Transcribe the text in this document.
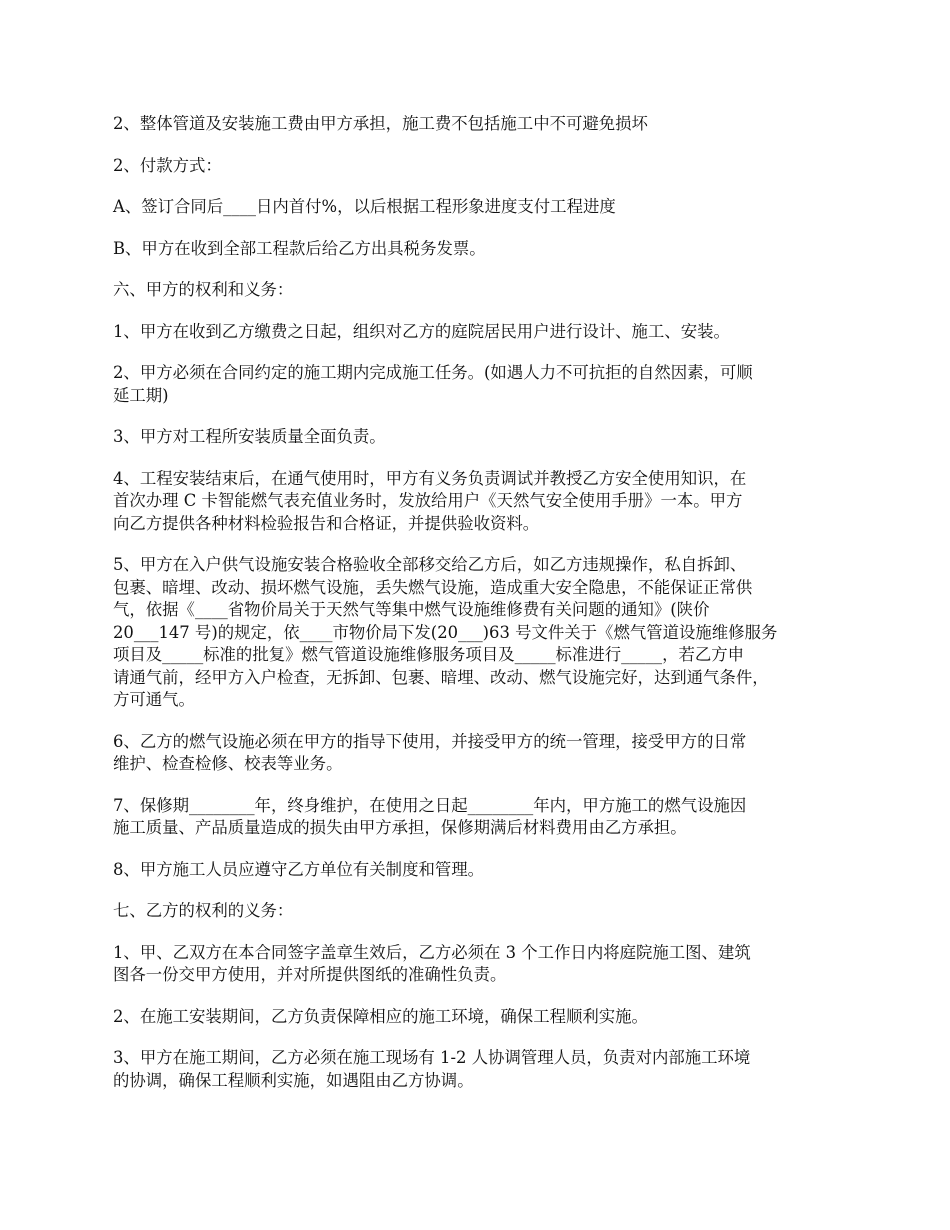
2、整体管道及安装施工费由甲方承担，施工费不包括施工中不可避免损坏

2、付款方式：

A、签订合同后____日内首付%，以后根据工程形象进度支付工程进度

B、甲方在收到全部工程款后给乙方出具税务发票。

六、甲方的权利和义务：

1、甲方在收到乙方缴费之日起，组织对乙方的庭院居民用户进行设计、施工、安装。

2、甲方必须在合同约定的施工期内完成施工任务。(如遇人力不可抗拒的自然因素，可顺
延工期)

3、甲方对工程所安装质量全面负责。

4、工程安装结束后，在通气使用时，甲方有义务负责调试并教授乙方安全使用知识，在
首次办理 C 卡智能燃气表充值业务时，发放给用户《天然气安全使用手册》一本。甲方
向乙方提供各种材料检验报告和合格证，并提供验收资料。

5、甲方在入户供气设施安装合格验收全部移交给乙方后，如乙方违规操作，私自拆卸、
包裹、暗埋、改动、损坏燃气设施，丢失燃气设施，造成重大安全隐患，不能保证正常供
气，依据《____省物价局关于天然气等集中燃气设施维修费有关问题的通知》(陕价
20___147 号)的规定，依____市物价局下发(20___)63 号文件关于《燃气管道设施维修服务
项目及_____标准的批复》燃气管道设施维修服务项目及_____标准进行_____，若乙方申
请通气前，经甲方入户检查，无拆卸、包裹、暗埋、改动、燃气设施完好，达到通气条件，
方可通气。

6、乙方的燃气设施必须在甲方的指导下使用，并接受甲方的统一管理，接受甲方的日常
维护、检查检修、校表等业务。

7、保修期________年，终身维护，在使用之日起________年内，甲方施工的燃气设施因
施工质量、产品质量造成的损失由甲方承担，保修期满后材料费用由乙方承担。

8、甲方施工人员应遵守乙方单位有关制度和管理。

七、乙方的权利的义务：

1、甲、乙双方在本合同签字盖章生效后，乙方必须在 3 个工作日内将庭院施工图、建筑
图各一份交甲方使用，并对所提供图纸的准确性负责。

2、在施工安装期间，乙方负责保障相应的施工环境，确保工程顺利实施。

3、甲方在施工期间，乙方必须在施工现场有 1-2 人协调管理人员，负责对内部施工环境
的协调，确保工程顺利实施，如遇阻由乙方协调。
